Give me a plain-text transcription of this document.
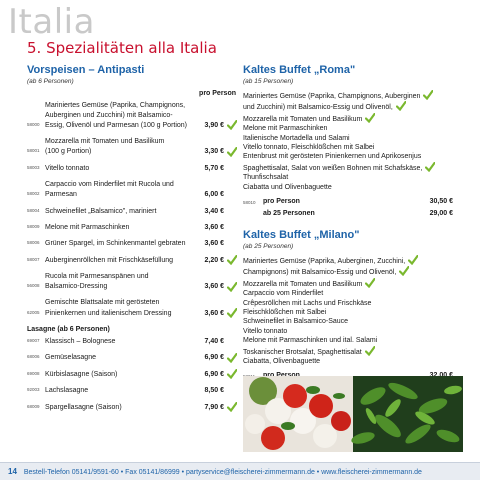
Italia
5. Spezialitäten alla Italia
Vorspeisen – Antipasti
(ab 6 Personen)
pro Person
Mariniertes Gemüse (Paprika, Champignons,
Auberginen und Zucchini) mit Balsamico-
58000 Essig, Olivenöl und Parmesan (100 g Portion)	3,90 €
Mozzarella mit Tomaten und Basilikum
58001 (100 g Portion)	3,30 €
58003 Vitello tonnato	5,70 €
Carpaccio vom Rinderfilet mit Rucola und
58002 Parmesan	6,00 €
58004 Schweinefilet „Balsamico", mariniert	3,40 €
58009 Melone mit Parmaschinken	3,60 €
58006 Grüner Spargel, im Schinkenmantel gebraten	3,60 €
58007 Auberginenröllchen mit Frischkäsefüllung	2,20 €
Rucola mit Parmesanspänen und
56008 Balsamico-Dressing	3,60 €
Gemischte Blattsalate mit gerösteten
62005 Pinienkernen und italienischem Dressing	3,60 €
Lasagne (ab 6 Personen)
69007 Klassisch – Bolognese	7,40 €
68006 Gemüselasagne	6,90 €
69008 Kürbislasagne (Saison)	6,90 €
92003 Lachslasagne	8,50 €
68009 Spargellasagne (Saison)	7,90 €
Kaltes Buffet „Roma"
(ab 15 Personen)
Mariniertes Gemüse (Paprika, Champignons, Auberginen
und Zucchini) mit Balsamico-Essig und Olivenöl,
Mozzarella mit Tomaten und Basilikum
Melone mit Parmaschinken
Italienische Mortadella und Salami
Vitello tonnato, Fleischklößchen mit Salbei
Entenbrust mit gerösteten Pinienkernen und Aprikosenjus
Spaghettisalat, Salat von weißen Bohnen mit Schafskäse,
Thunfischsalat
Ciabatta und Olivenbaguette
58010	pro Person	30,50 €
ab 25 Personen	29,00 €
Kaltes Buffet „Milano"
(ab 25 Personen)
Mariniertes Gemüse (Paprika, Auberginen, Zucchini,
Champignons) mit Balsamico-Essig und Olivenöl,
Mozzarella mit Tomaten und Basilikum
Carpaccio vom Rinderfilet
Crêpesröllchen mit Lachs und Frischkäse
Fleischklößchen mit Salbei
Schweinefilet in Balsamico-Sauce
Vitello tonnato
Melone mit Parmaschinken und ital. Salami
Toskanischer Brotsalat, Spaghettisalat
Ciabatta, Olivenbaguette
14 Bestell-Telefon 05141/9591-60 • Fax 05141/86999 • partyservice@fleischerei-zimmermann.de • www.fleischerei-zimmermann.de
